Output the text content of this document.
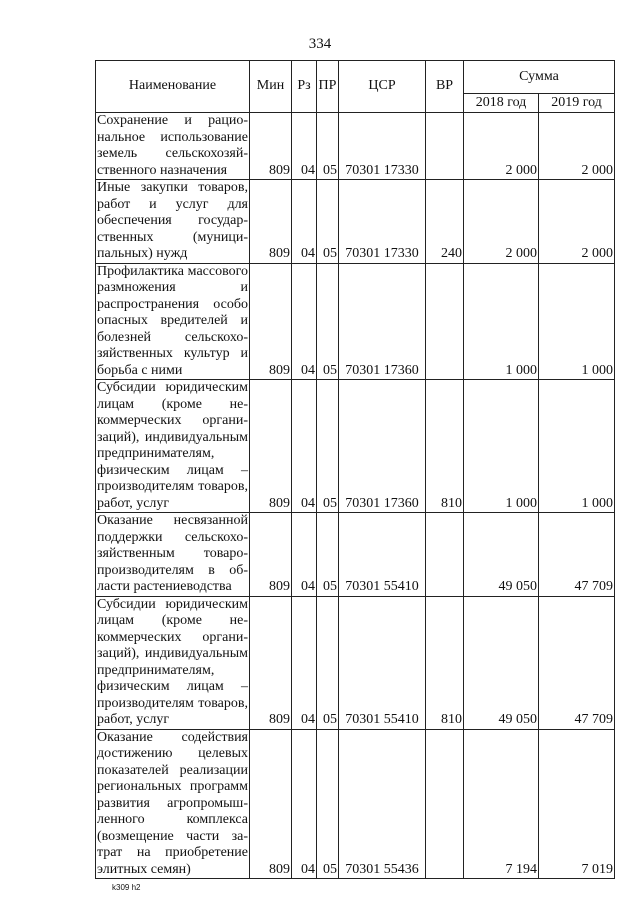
334
Наименование	Мин	Рз	ПР	ЦСР	ВР	Сумма	
						2018 год	2019 год
Сохранение и рациональное использование земель сельскохозяйственного назначения	809	04	05	70301 17330		2 000	2 000
Иные закупки товаров, работ и услуг для обеспечения государственных (муниципальных) нужд	809	04	05	70301 17330	240	2 000	2 000
Профилактика массового размножения и распространения особо опасных вредителей и болезней сельскохозяйственных культур и борьба с ними	809	04	05	70301 17360		1 000	1 000
Субсидии юридическим лицам (кроме некоммерческих организаций), индивидуальным предпринимателям, физическим лицам – производителям товаров, работ, услуг	809	04	05	70301 17360	810	1 000	1 000
Оказание несвязанной поддержки сельскохозяйственным товаропроизводителям в области растениеводства	809	04	05	70301 55410		49 050	47 709
Субсидии юридическим лицам (кроме некоммерческих организаций), индивидуальным предпринимателям, физическим лицам – производителям товаров, работ, услуг	809	04	05	70301 55410	810	49 050	47 709
Оказание содействия достижению целевых показателей реализации региональных программ развития агропромышленного комплекса (возмещение части затрат на приобретение элитных семян)	809	04	05	70301 55436		7 194	7 019
k309 h2
